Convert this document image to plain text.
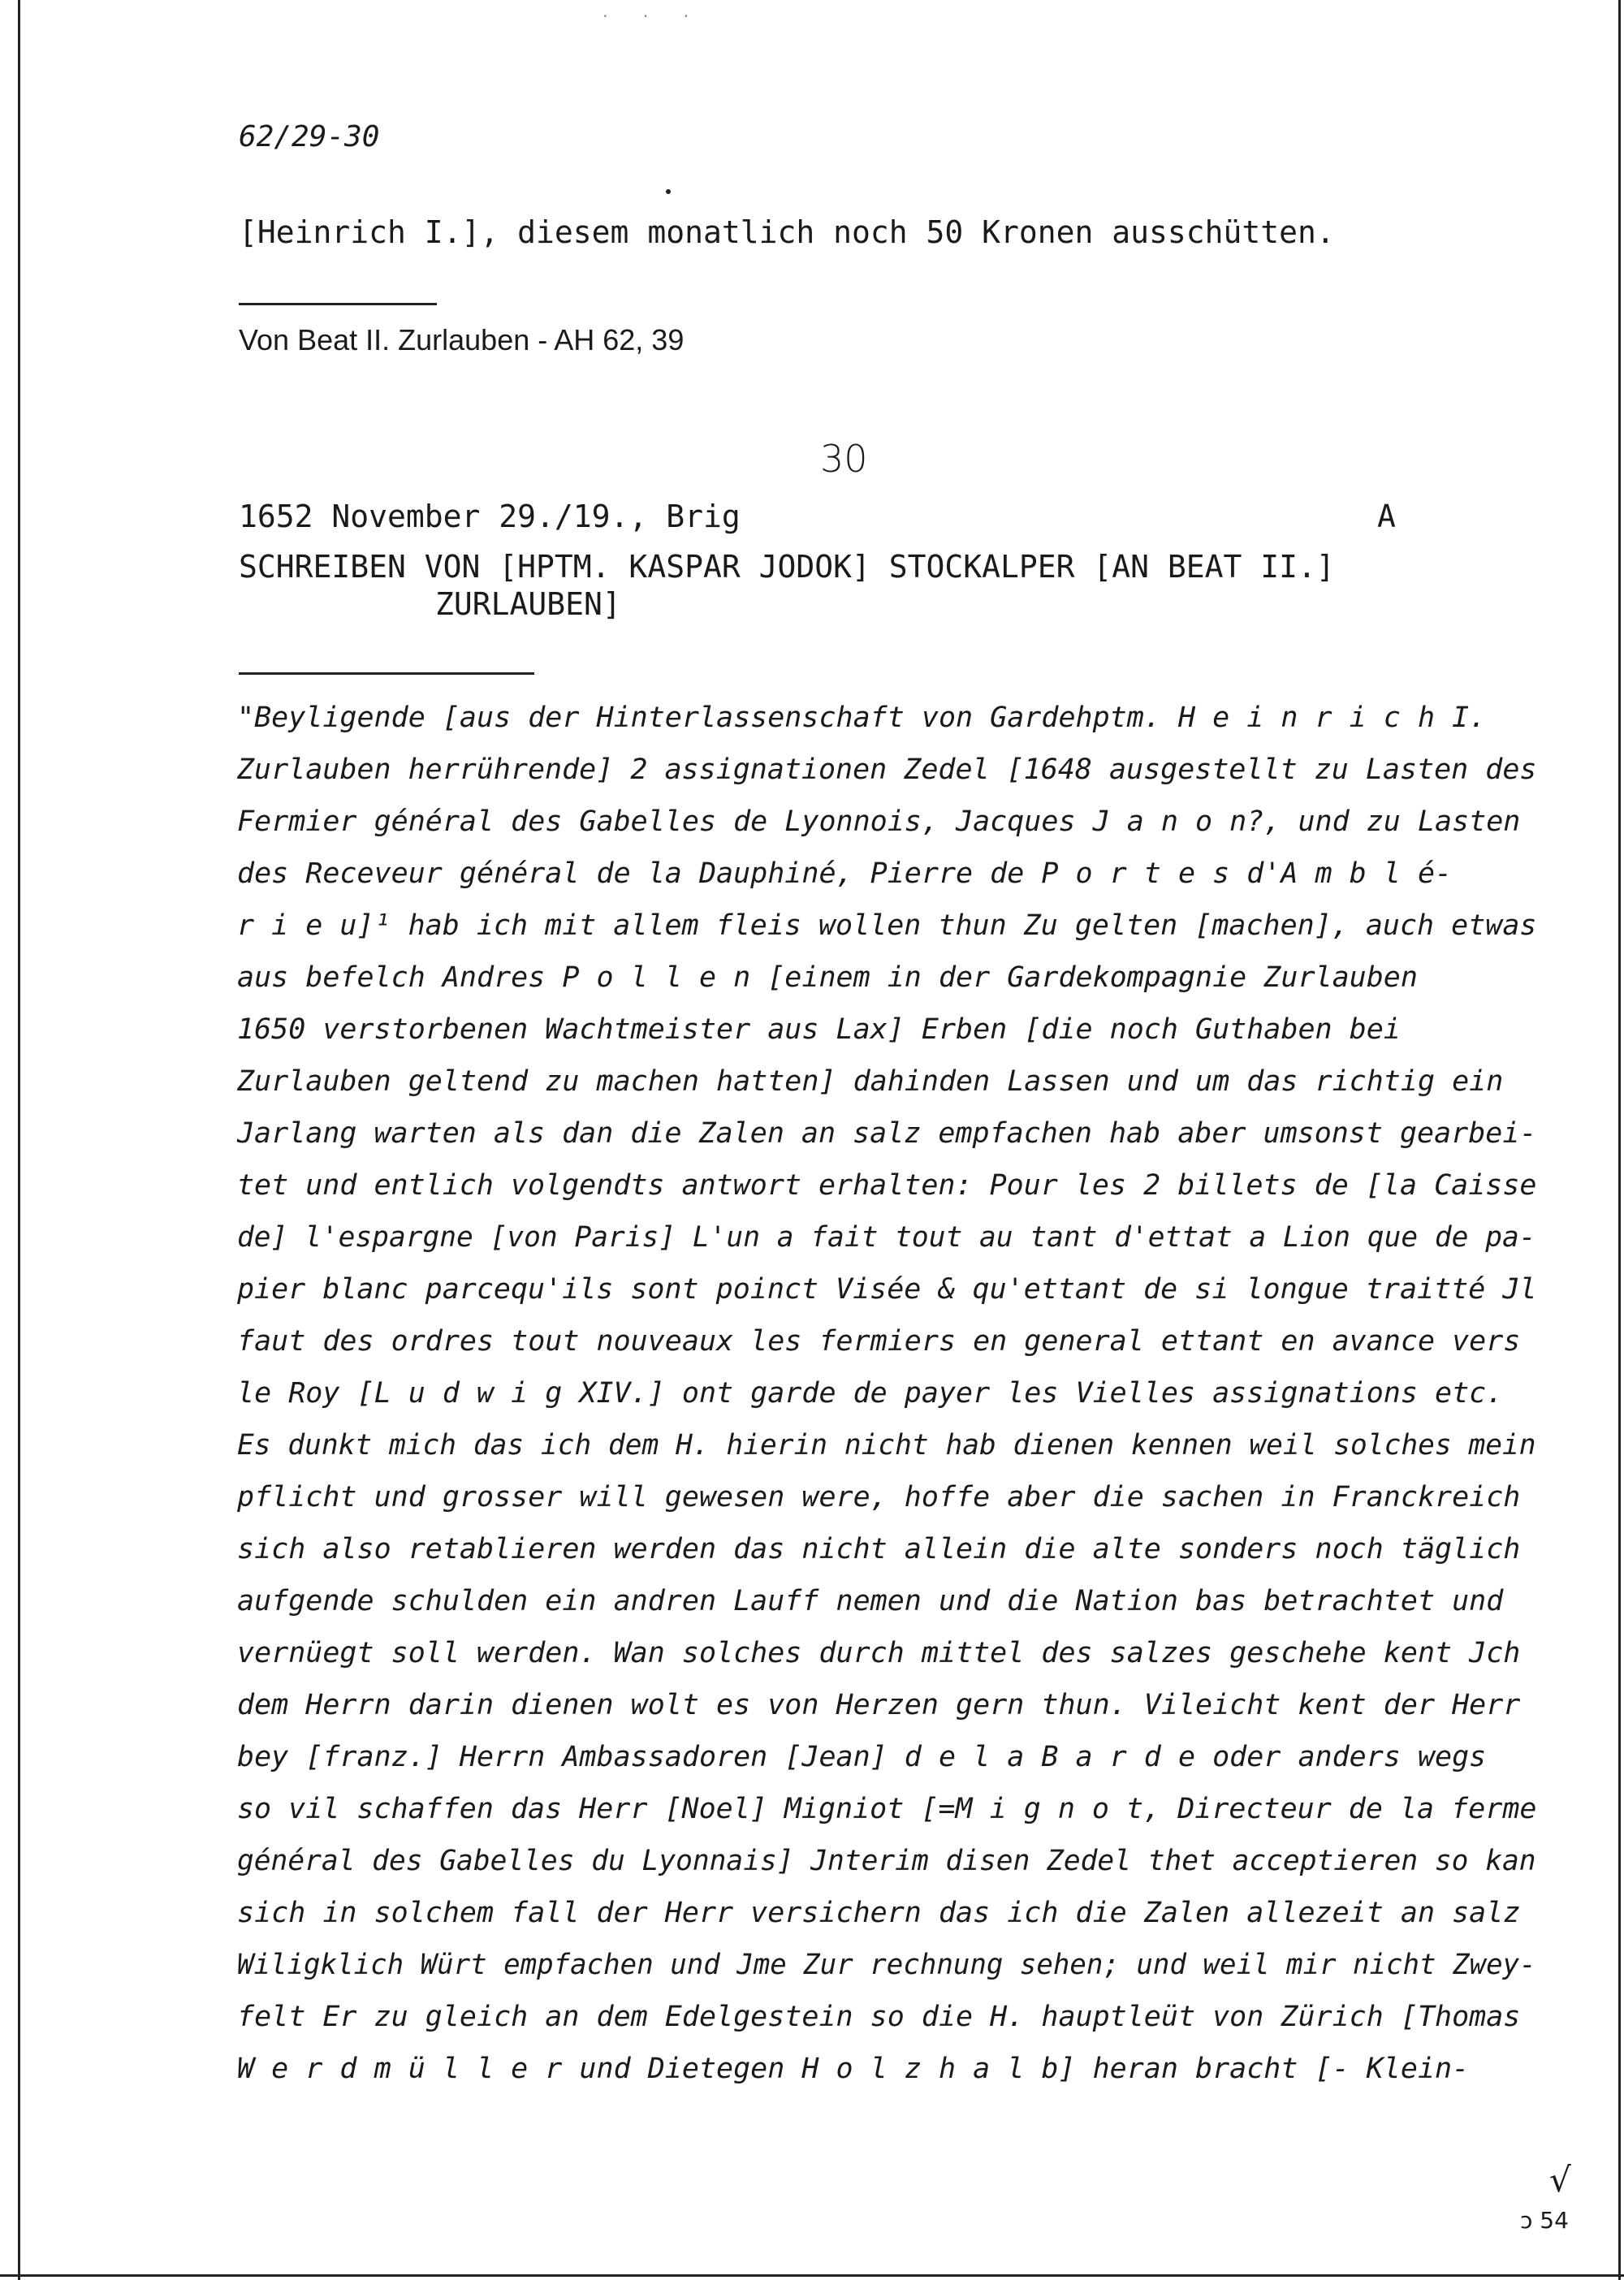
· · ·
62/29-30
[Heinrich I.], diesem monatlich noch 50 Kronen ausschütten.
Von Beat II. Zurlauben - AH 62, 39
30
1652 November 29./19., Brig	A
SCHREIBEN VON [HPTM. KASPAR JODOK] STOCKALPER [AN BEAT II.]
ZURLAUBEN]
"Beyligende [aus der Hinterlassenschaft von Gardehptm. H e i n r i c h I.
Zurlauben herrührende] 2 assignationen Zedel [1648 ausgestellt zu Lasten des
Fermier général des Gabelles de Lyonnois, Jacques J a n o n?, und zu Lasten
des Receveur général de la Dauphiné, Pierre de P o r t e s d'A m b l é-
r i e u]¹ hab ich mit allem fleis wollen thun Zu gelten [machen], auch etwas
aus befelch Andres P o l l e n [einem in der Gardekompagnie Zurlauben
1650 verstorbenen Wachtmeister aus Lax] Erben [die noch Guthaben bei
Zurlauben geltend zu machen hatten] dahinden Lassen und um das richtig ein
Jarlang warten als dan die Zalen an salz empfachen hab aber umsonst gearbei-
tet und entlich volgendts antwort erhalten: Pour les 2 billets de [la Caisse
de] l'espargne [von Paris] L'un a fait tout au tant d'ettat a Lion que de pa-
pier blanc parcequ'ils sont poinct Visée & qu'ettant de si longue traitté Jl
faut des ordres tout nouveaux les fermiers en general ettant en avance vers
le Roy [L u d w i g XIV.] ont garde de payer les Vielles assignations etc.
Es dunkt mich das ich dem H. hierin nicht hab dienen kennen weil solches mein
pflicht und grosser will gewesen were, hoffe aber die sachen in Franckreich
sich also retablieren werden das nicht allein die alte sonders noch täglich
aufgende schulden ein andren Lauff nemen und die Nation bas betrachtet und
vernüegt soll werden. Wan solches durch mittel des salzes geschehe kent Jch
dem Herrn darin dienen wolt es von Herzen gern thun. Vileicht kent der Herr
bey [franz.] Herrn Ambassadoren [Jean] d e l a B a r d e oder anders wegs
so vil schaffen das Herr [Noel] Migniot [=M i g n o t, Directeur de la ferme
général des Gabelles du Lyonnais] Jnterim disen Zedel thet acceptieren so kan
sich in solchem fall der Herr versichern das ich die Zalen allezeit an salz
Wiligklich Würt empfachen und Jme Zur rechnung sehen; und weil mir nicht Zwey-
felt Er zu gleich an dem Edelgestein so die H. hauptleüt von Zürich [Thomas
W e r d m ü l l e r und Dietegen H o l z h a l b] heran bracht [- Klein-
√
ɔ 54
